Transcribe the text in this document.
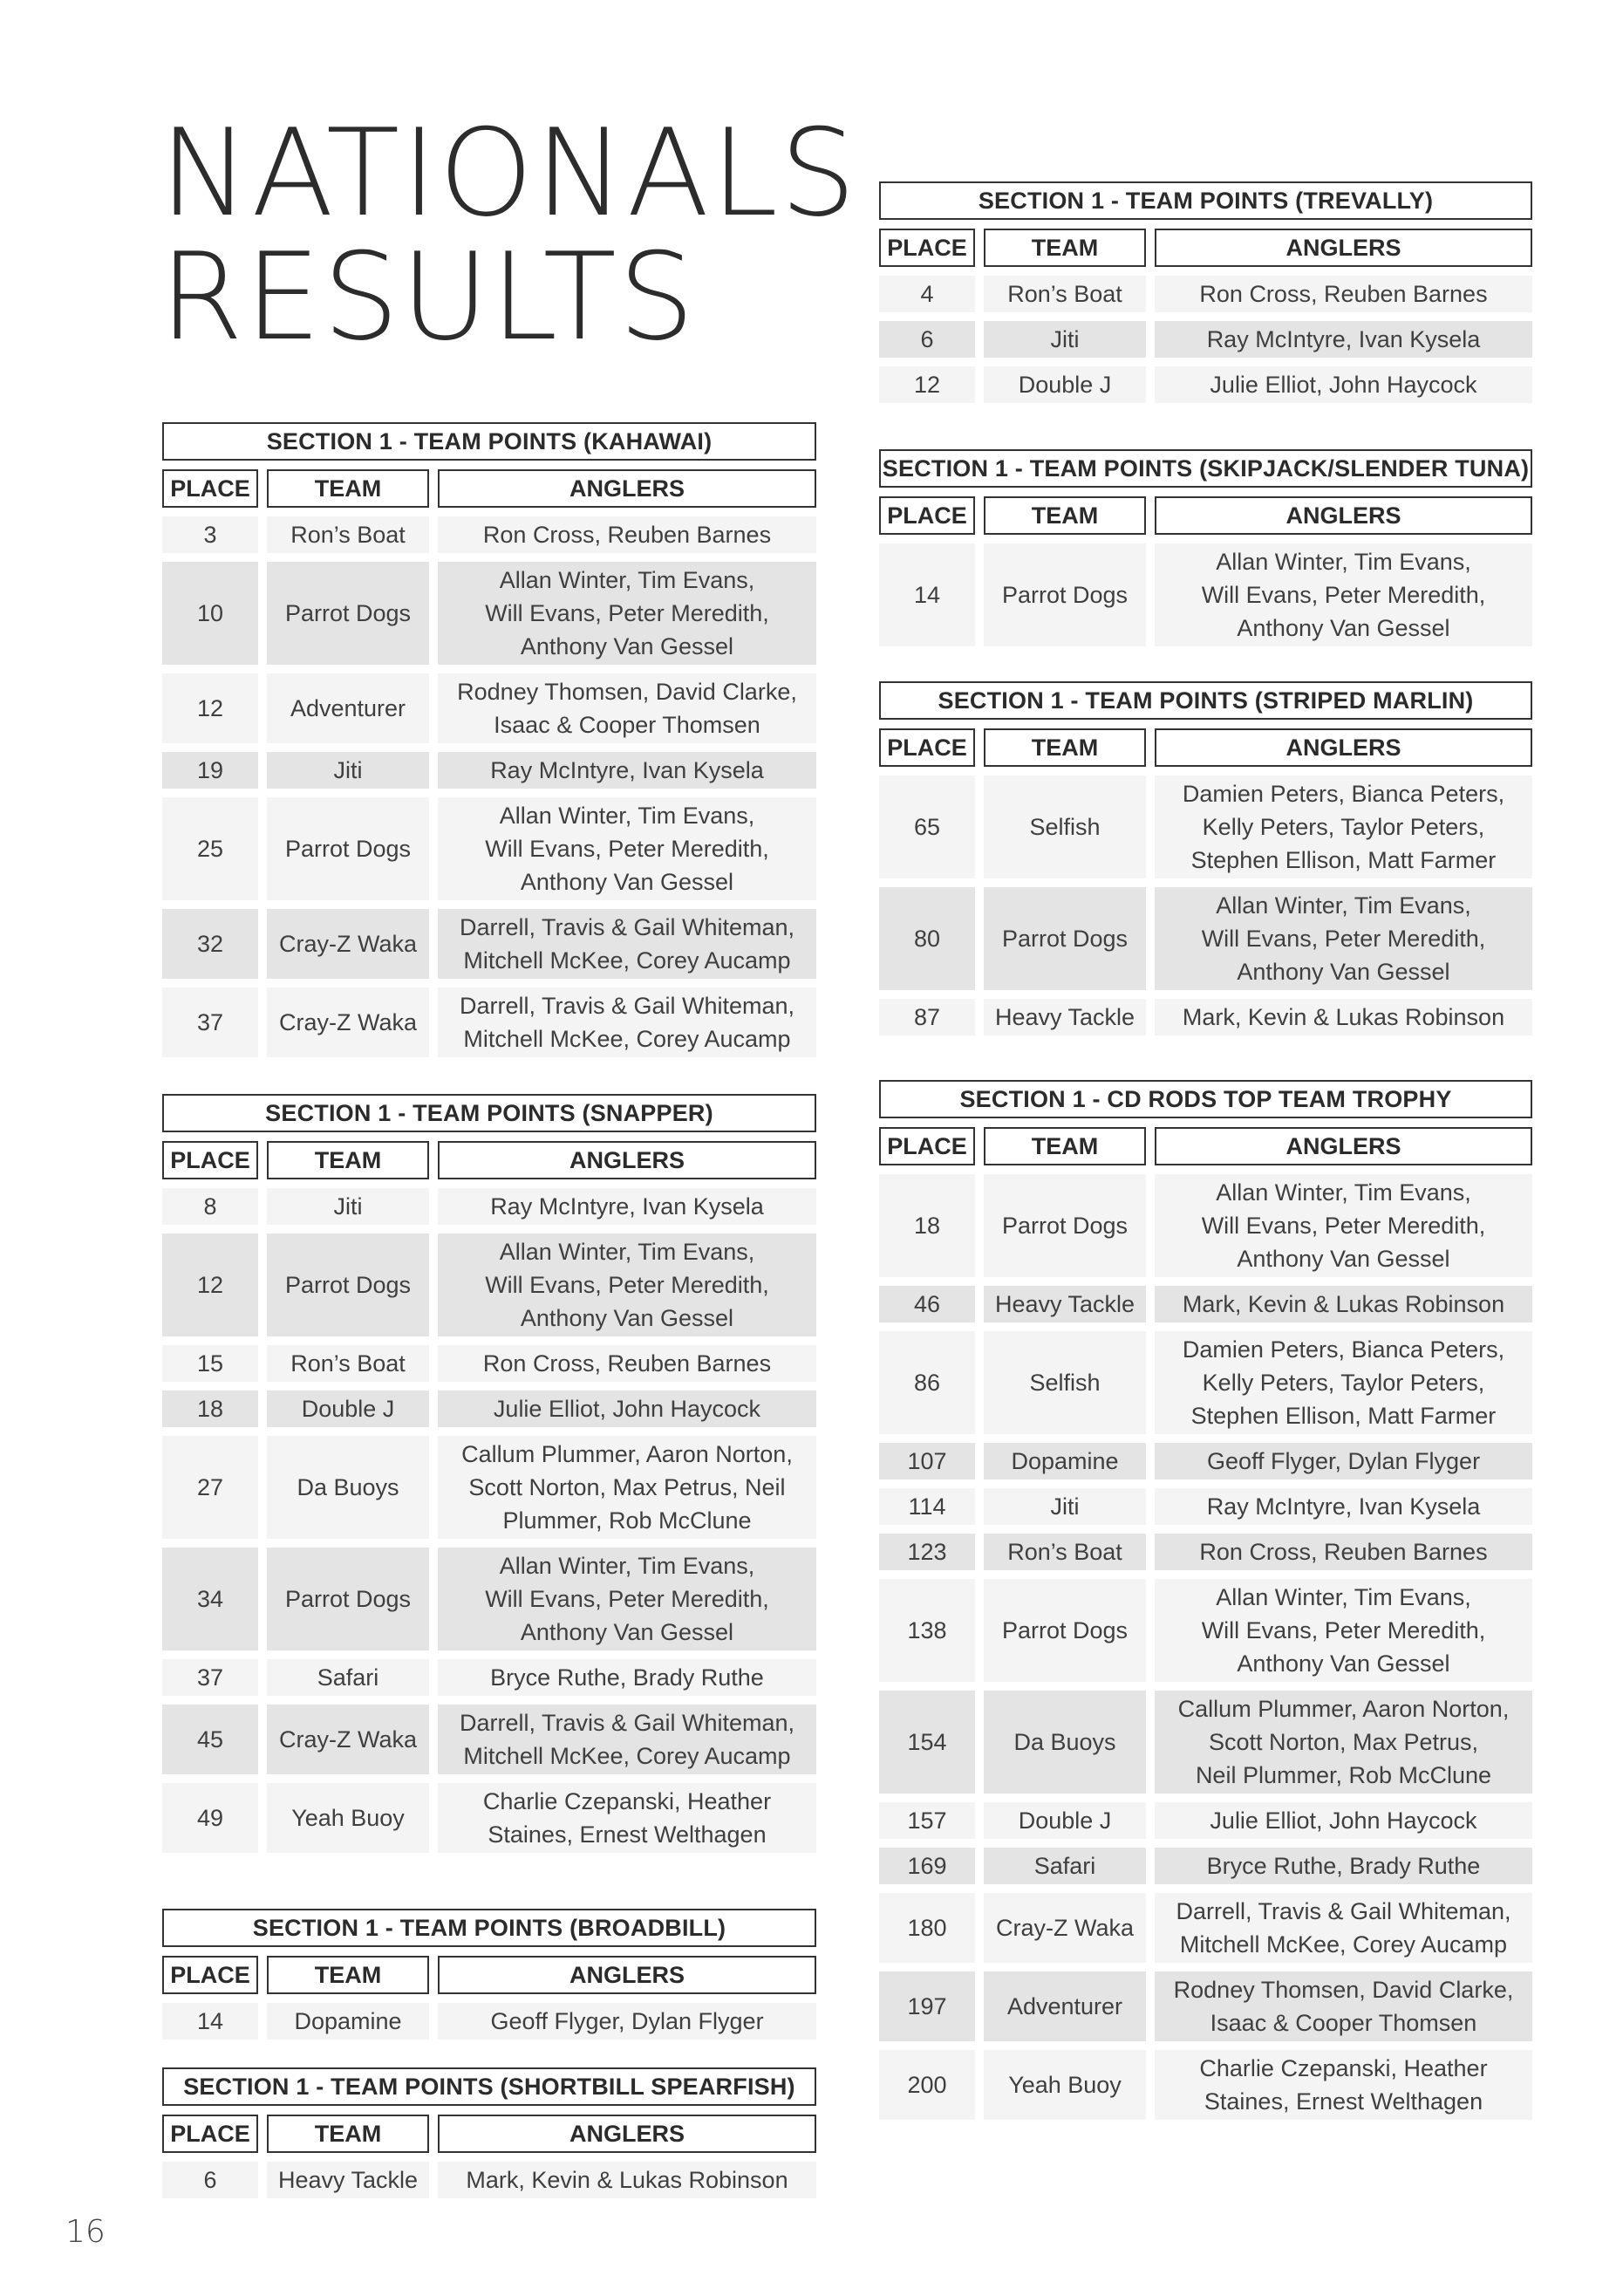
NATIONALS
RESULTS
SECTION 1 - TEAM POINTS (KAHAWAI)
PLACE	TEAM	ANGLERS
3	Ron’s Boat	Ron Cross, Reuben Barnes
10	Parrot Dogs
Allan Winter, Tim Evans,
Will Evans, Peter Meredith,
Anthony Van Gessel
12	Adventurer
Rodney Thomsen, David Clarke,
Isaac & Cooper Thomsen
19	Jiti	Ray McIntyre, Ivan Kysela
25	Parrot Dogs
Allan Winter, Tim Evans,
Will Evans, Peter Meredith,
Anthony Van Gessel
32	Cray-Z Waka
Darrell, Travis & Gail Whiteman,
Mitchell McKee, Corey Aucamp
37	Cray-Z Waka
Darrell, Travis & Gail Whiteman,
Mitchell McKee, Corey Aucamp
SECTION 1 - TEAM POINTS (SNAPPER)
PLACE	TEAM	ANGLERS
8	Jiti	Ray McIntyre, Ivan Kysela
12	Parrot Dogs
Allan Winter, Tim Evans,
Will Evans, Peter Meredith,
Anthony Van Gessel
15	Ron’s Boat	Ron Cross, Reuben Barnes
18	Double J	Julie Elliot, John Haycock
27	Da Buoys
Callum Plummer, Aaron Norton,
Scott Norton, Max Petrus, Neil
Plummer, Rob McClune
34	Parrot Dogs
Allan Winter, Tim Evans,
Will Evans, Peter Meredith,
Anthony Van Gessel
37	Safari	Bryce Ruthe, Brady Ruthe
45	Cray-Z Waka
Darrell, Travis & Gail Whiteman,
Mitchell McKee, Corey Aucamp
49	Yeah Buoy
Charlie Czepanski, Heather
Staines, Ernest Welthagen
SECTION 1 - TEAM POINTS (BROADBILL)
PLACE	TEAM	ANGLERS
14	Dopamine	Geoff Flyger, Dylan Flyger
SECTION 1 - TEAM POINTS (SHORTBILL SPEARFISH)
PLACE	TEAM	ANGLERS
6	Heavy Tackle	Mark, Kevin & Lukas Robinson
SECTION 1 - TEAM POINTS (TREVALLY)
PLACE	TEAM	ANGLERS
4	Ron’s Boat	Ron Cross, Reuben Barnes
6	Jiti	Ray McIntyre, Ivan Kysela
12	Double J	Julie Elliot, John Haycock
SECTION 1 - TEAM POINTS (SKIPJACK/SLENDER TUNA)
PLACE	TEAM	ANGLERS
14	Parrot Dogs
Allan Winter, Tim Evans,
Will Evans, Peter Meredith,
Anthony Van Gessel
SECTION 1 - TEAM POINTS (STRIPED MARLIN)
PLACE	TEAM	ANGLERS
65	Selfish
Damien Peters, Bianca Peters,
Kelly Peters, Taylor Peters,
Stephen Ellison, Matt Farmer
80	Parrot Dogs
Allan Winter, Tim Evans,
Will Evans, Peter Meredith,
Anthony Van Gessel
87	Heavy Tackle	Mark, Kevin & Lukas Robinson
SECTION 1 - CD RODS TOP TEAM TROPHY
PLACE	TEAM	ANGLERS
18	Parrot Dogs
Allan Winter, Tim Evans,
Will Evans, Peter Meredith,
Anthony Van Gessel
46	Heavy Tackle	Mark, Kevin & Lukas Robinson
86	Selfish
Damien Peters, Bianca Peters,
Kelly Peters, Taylor Peters,
Stephen Ellison, Matt Farmer
107	Dopamine	Geoff Flyger, Dylan Flyger
114	Jiti	Ray McIntyre, Ivan Kysela
123	Ron’s Boat	Ron Cross, Reuben Barnes
138	Parrot Dogs
Allan Winter, Tim Evans,
Will Evans, Peter Meredith,
Anthony Van Gessel
154	Da Buoys
Callum Plummer, Aaron Norton,
Scott Norton, Max Petrus,
Neil Plummer, Rob McClune
157	Double J	Julie Elliot, John Haycock
169	Safari	Bryce Ruthe, Brady Ruthe
180	Cray-Z Waka
Darrell, Travis & Gail Whiteman,
Mitchell McKee, Corey Aucamp
197	Adventurer
Rodney Thomsen, David Clarke,
Isaac & Cooper Thomsen
200	Yeah Buoy
Charlie Czepanski, Heather
Staines, Ernest Welthagen
16
